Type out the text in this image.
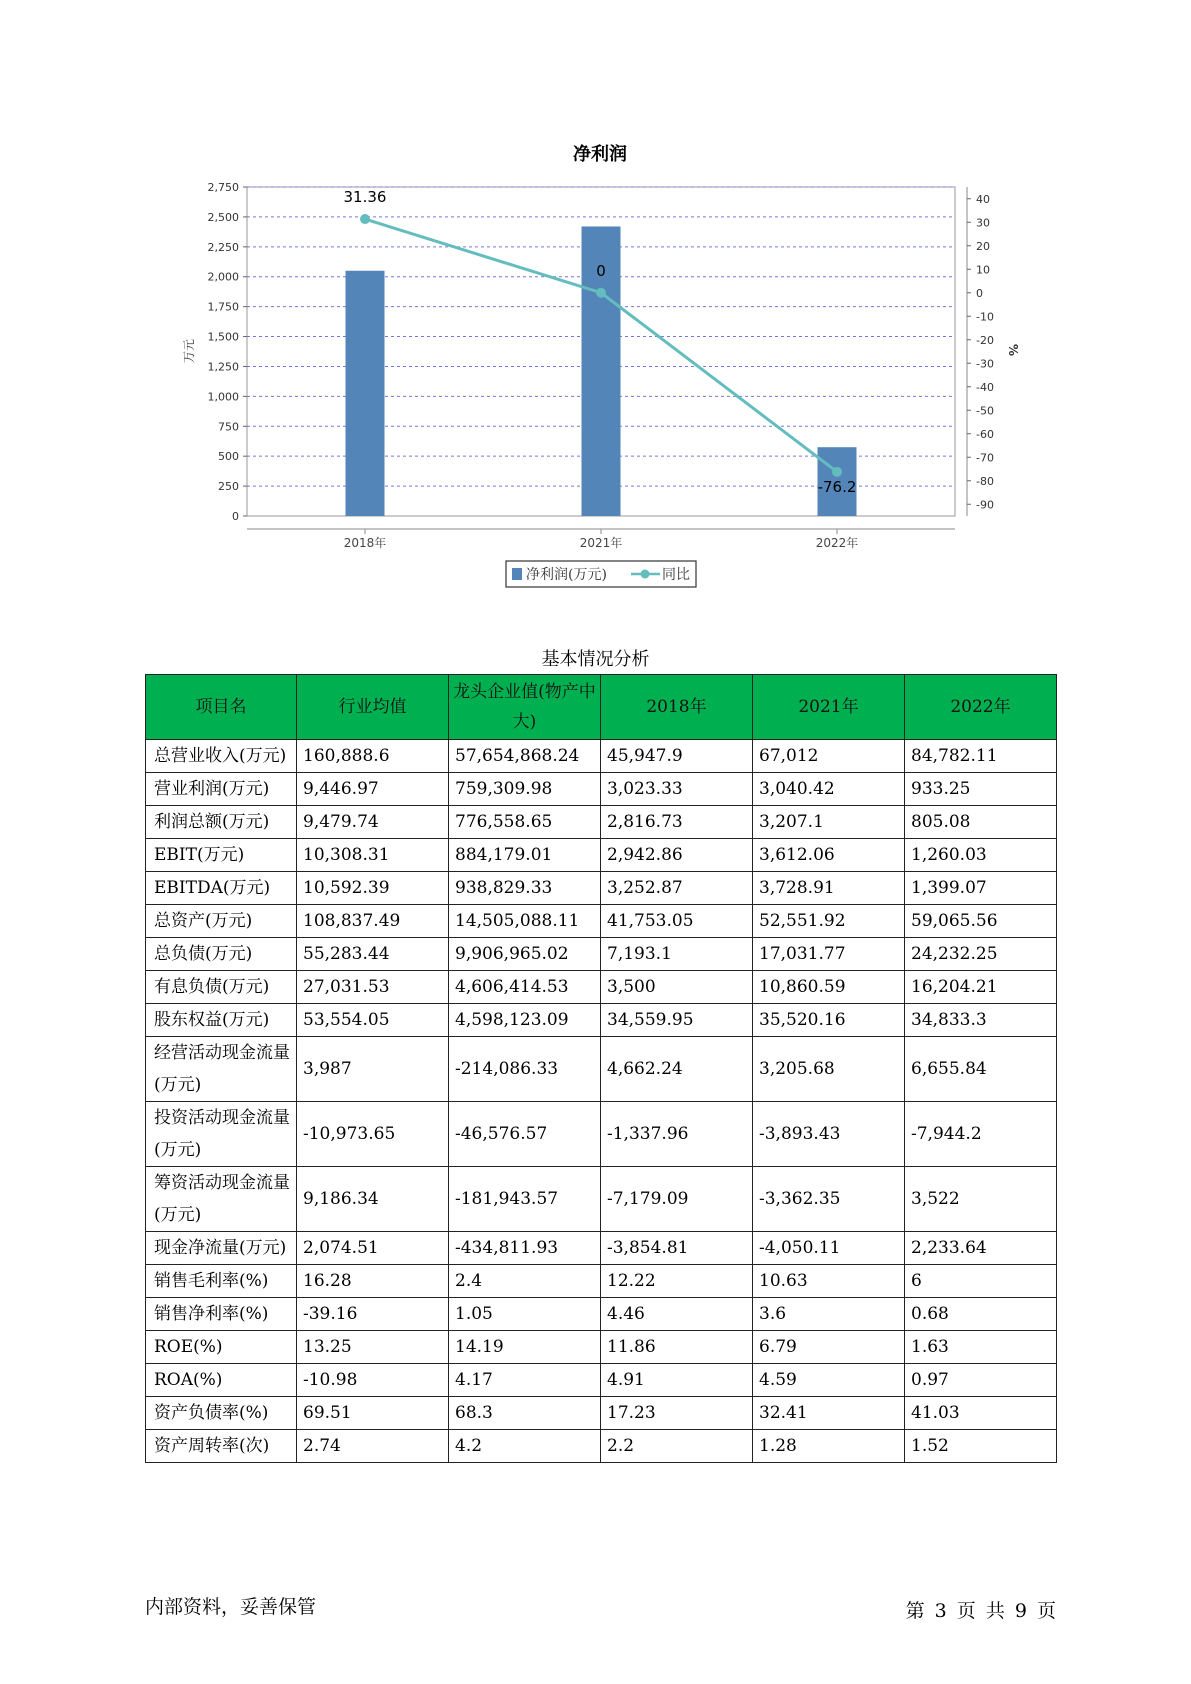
净利润
0
250
500
750
1,000
1,250
1,500
1,750
2,000
2,250
2,500
2,750
万元
40
30
20
10
0
-10
-20
-30
-40
-50
-60
-70
-80
-90
%
2018年	2021年	2022年
31.36
0
-76.2
净利润(万元)	同比
基本情况分析
项目名	行业均值	龙头企业值(物产中大)	2018年	2021年	2022年
总营业收入(万元)	160,888.6	57,654,868.24	45,947.9	67,012	84,782.11
营业利润(万元)	9,446.97	759,309.98	3,023.33	3,040.42	933.25
利润总额(万元)	9,479.74	776,558.65	2,816.73	3,207.1	805.08
EBIT(万元)	10,308.31	884,179.01	2,942.86	3,612.06	1,260.03
EBITDA(万元)	10,592.39	938,829.33	3,252.87	3,728.91	1,399.07
总资产(万元)	108,837.49	14,505,088.11	41,753.05	52,551.92	59,065.56
总负债(万元)	55,283.44	9,906,965.02	7,193.1	17,031.77	24,232.25
有息负债(万元)	27,031.53	4,606,414.53	3,500	10,860.59	16,204.21
股东权益(万元)	53,554.05	4,598,123.09	34,559.95	35,520.16	34,833.3
经营活动现金流量(万元)	3,987	-214,086.33	4,662.24	3,205.68	6,655.84
投资活动现金流量(万元)	-10,973.65	-46,576.57	-1,337.96	-3,893.43	-7,944.2
筹资活动现金流量(万元)	9,186.34	-181,943.57	-7,179.09	-3,362.35	3,522
现金净流量(万元)	2,074.51	-434,811.93	-3,854.81	-4,050.11	2,233.64
销售毛利率(%)	16.28	2.4	12.22	10.63	6
销售净利率(%)	-39.16	1.05	4.46	3.6	0.68
ROE(%)	13.25	14.19	11.86	6.79	1.63
ROA(%)	-10.98	4.17	4.91	4.59	0.97
资产负债率(%)	69.51	68.3	17.23	32.41	41.03
资产周转率(次)	2.74	4.2	2.2	1.28	1.52
内部资料，妥善保管	第 3 页 共 9 页
